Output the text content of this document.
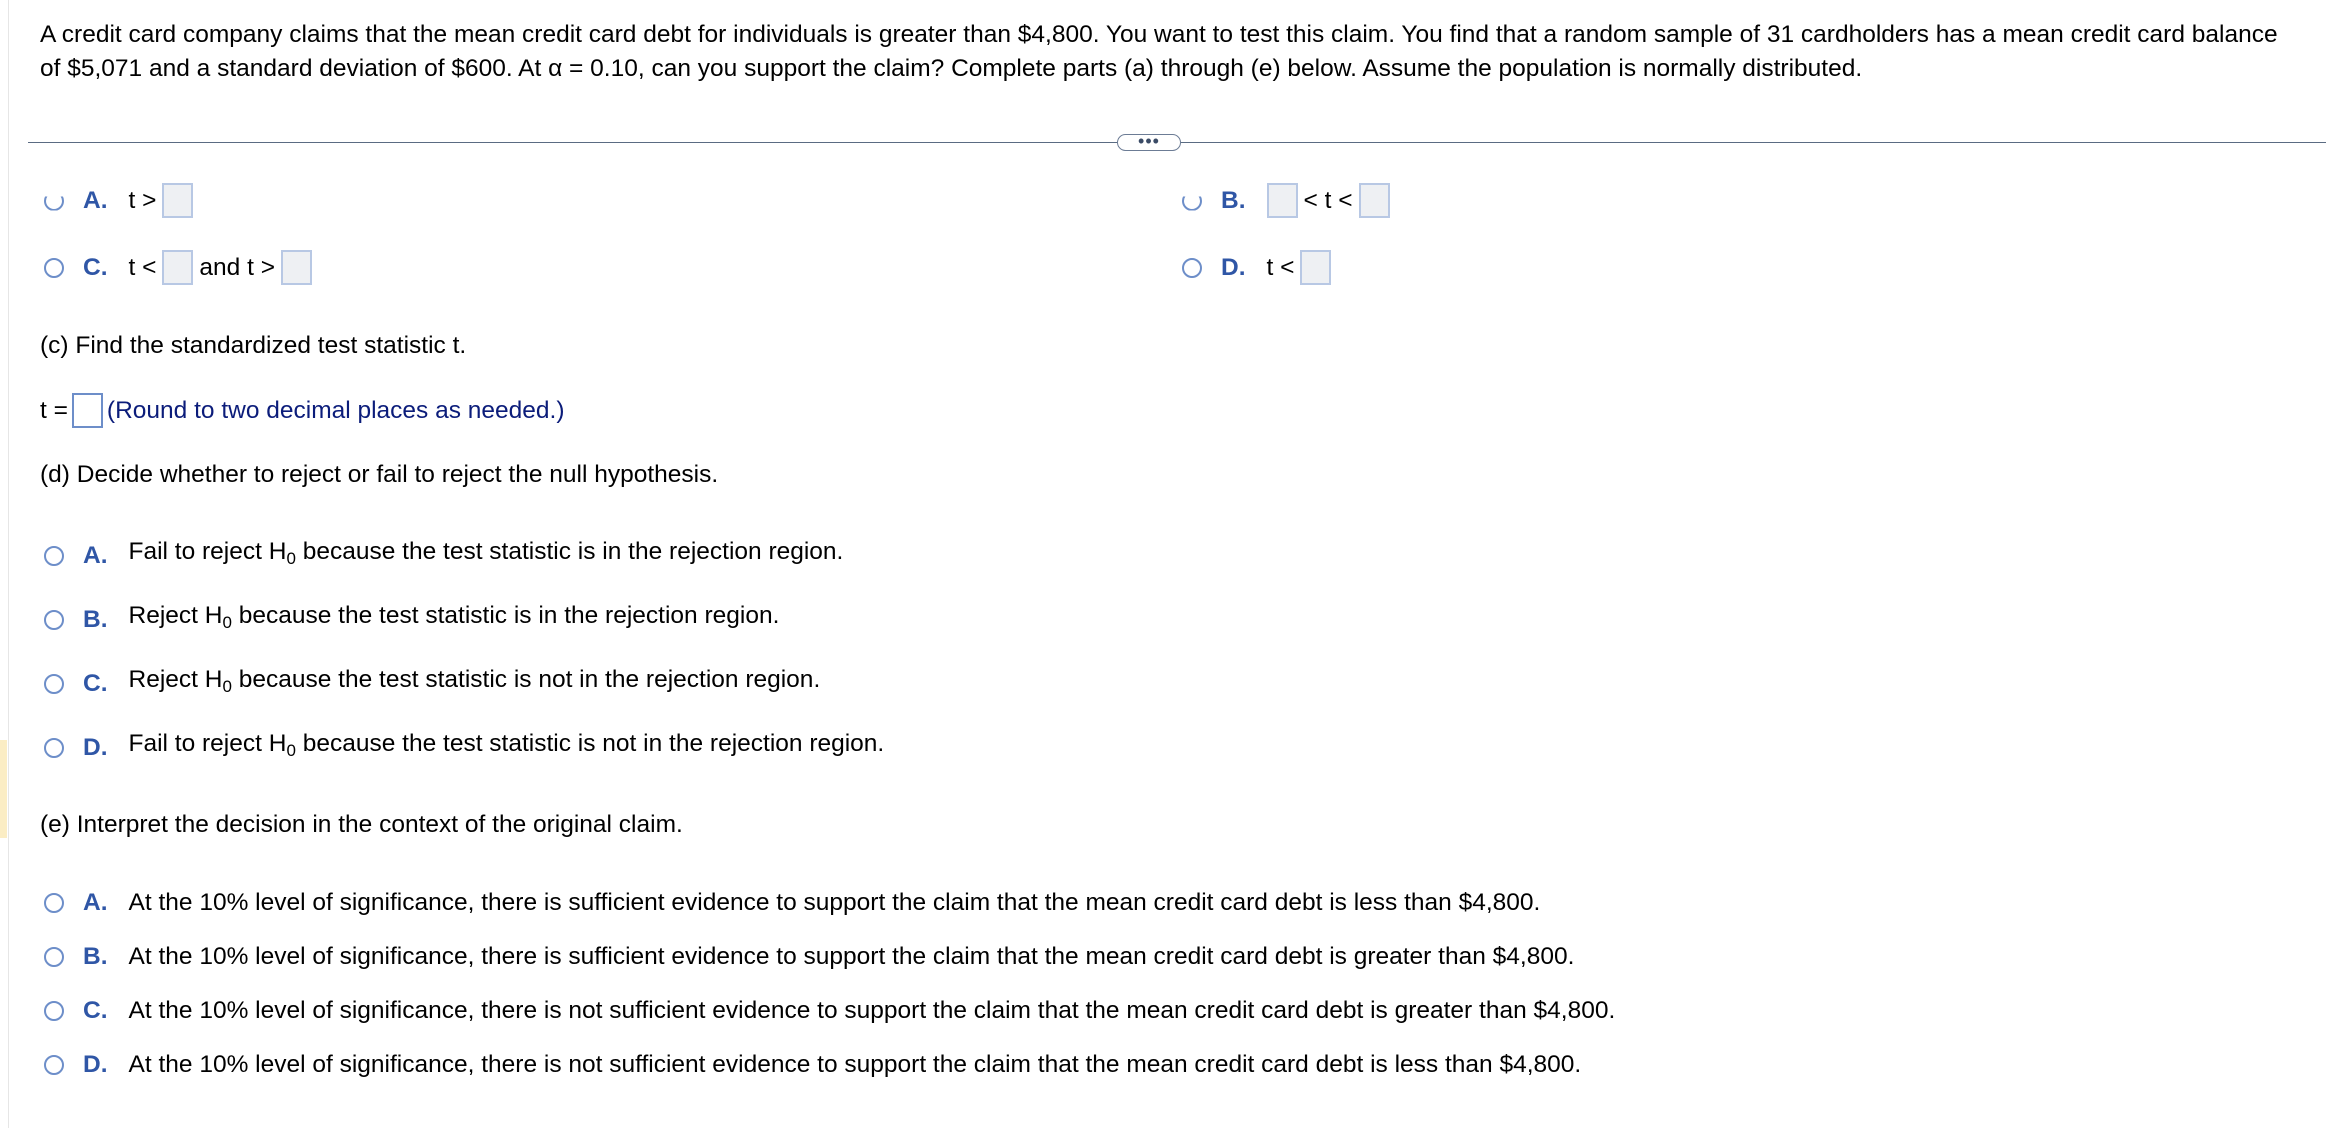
A credit card company claims that the mean credit card debt for individuals is greater than $4,800. You want to test this claim. You find that a random sample of 31 cardholders has a mean credit card balance of $5,071 and a standard deviation of $600. At α = 0.10, can you support the claim? Complete parts (a) through (e) below. Assume the population is normally distributed.
•••
A. t >	B. < t <
C. t < and t >	D. t <
(c) Find the standardized test statistic t.
t = (Round to two decimal places as needed.)
(d) Decide whether to reject or fail to reject the null hypothesis.
A. Fail to reject $H_0$ because the test statistic is in the rejection region.
B. Reject $H_0$ because the test statistic is in the rejection region.
C. Reject $H_0$ because the test statistic is not in the rejection region.
D. Fail to reject $H_0$ because the test statistic is not in the rejection region.
(e) Interpret the decision in the context of the original claim.
A. At the 10% level of significance, there is sufficient evidence to support the claim that the mean credit card debt is less than $4,800.
B. At the 10% level of significance, there is sufficient evidence to support the claim that the mean credit card debt is greater than $4,800.
C. At the 10% level of significance, there is not sufficient evidence to support the claim that the mean credit card debt is greater than $4,800.
D. At the 10% level of significance, there is not sufficient evidence to support the claim that the mean credit card debt is less than $4,800.
